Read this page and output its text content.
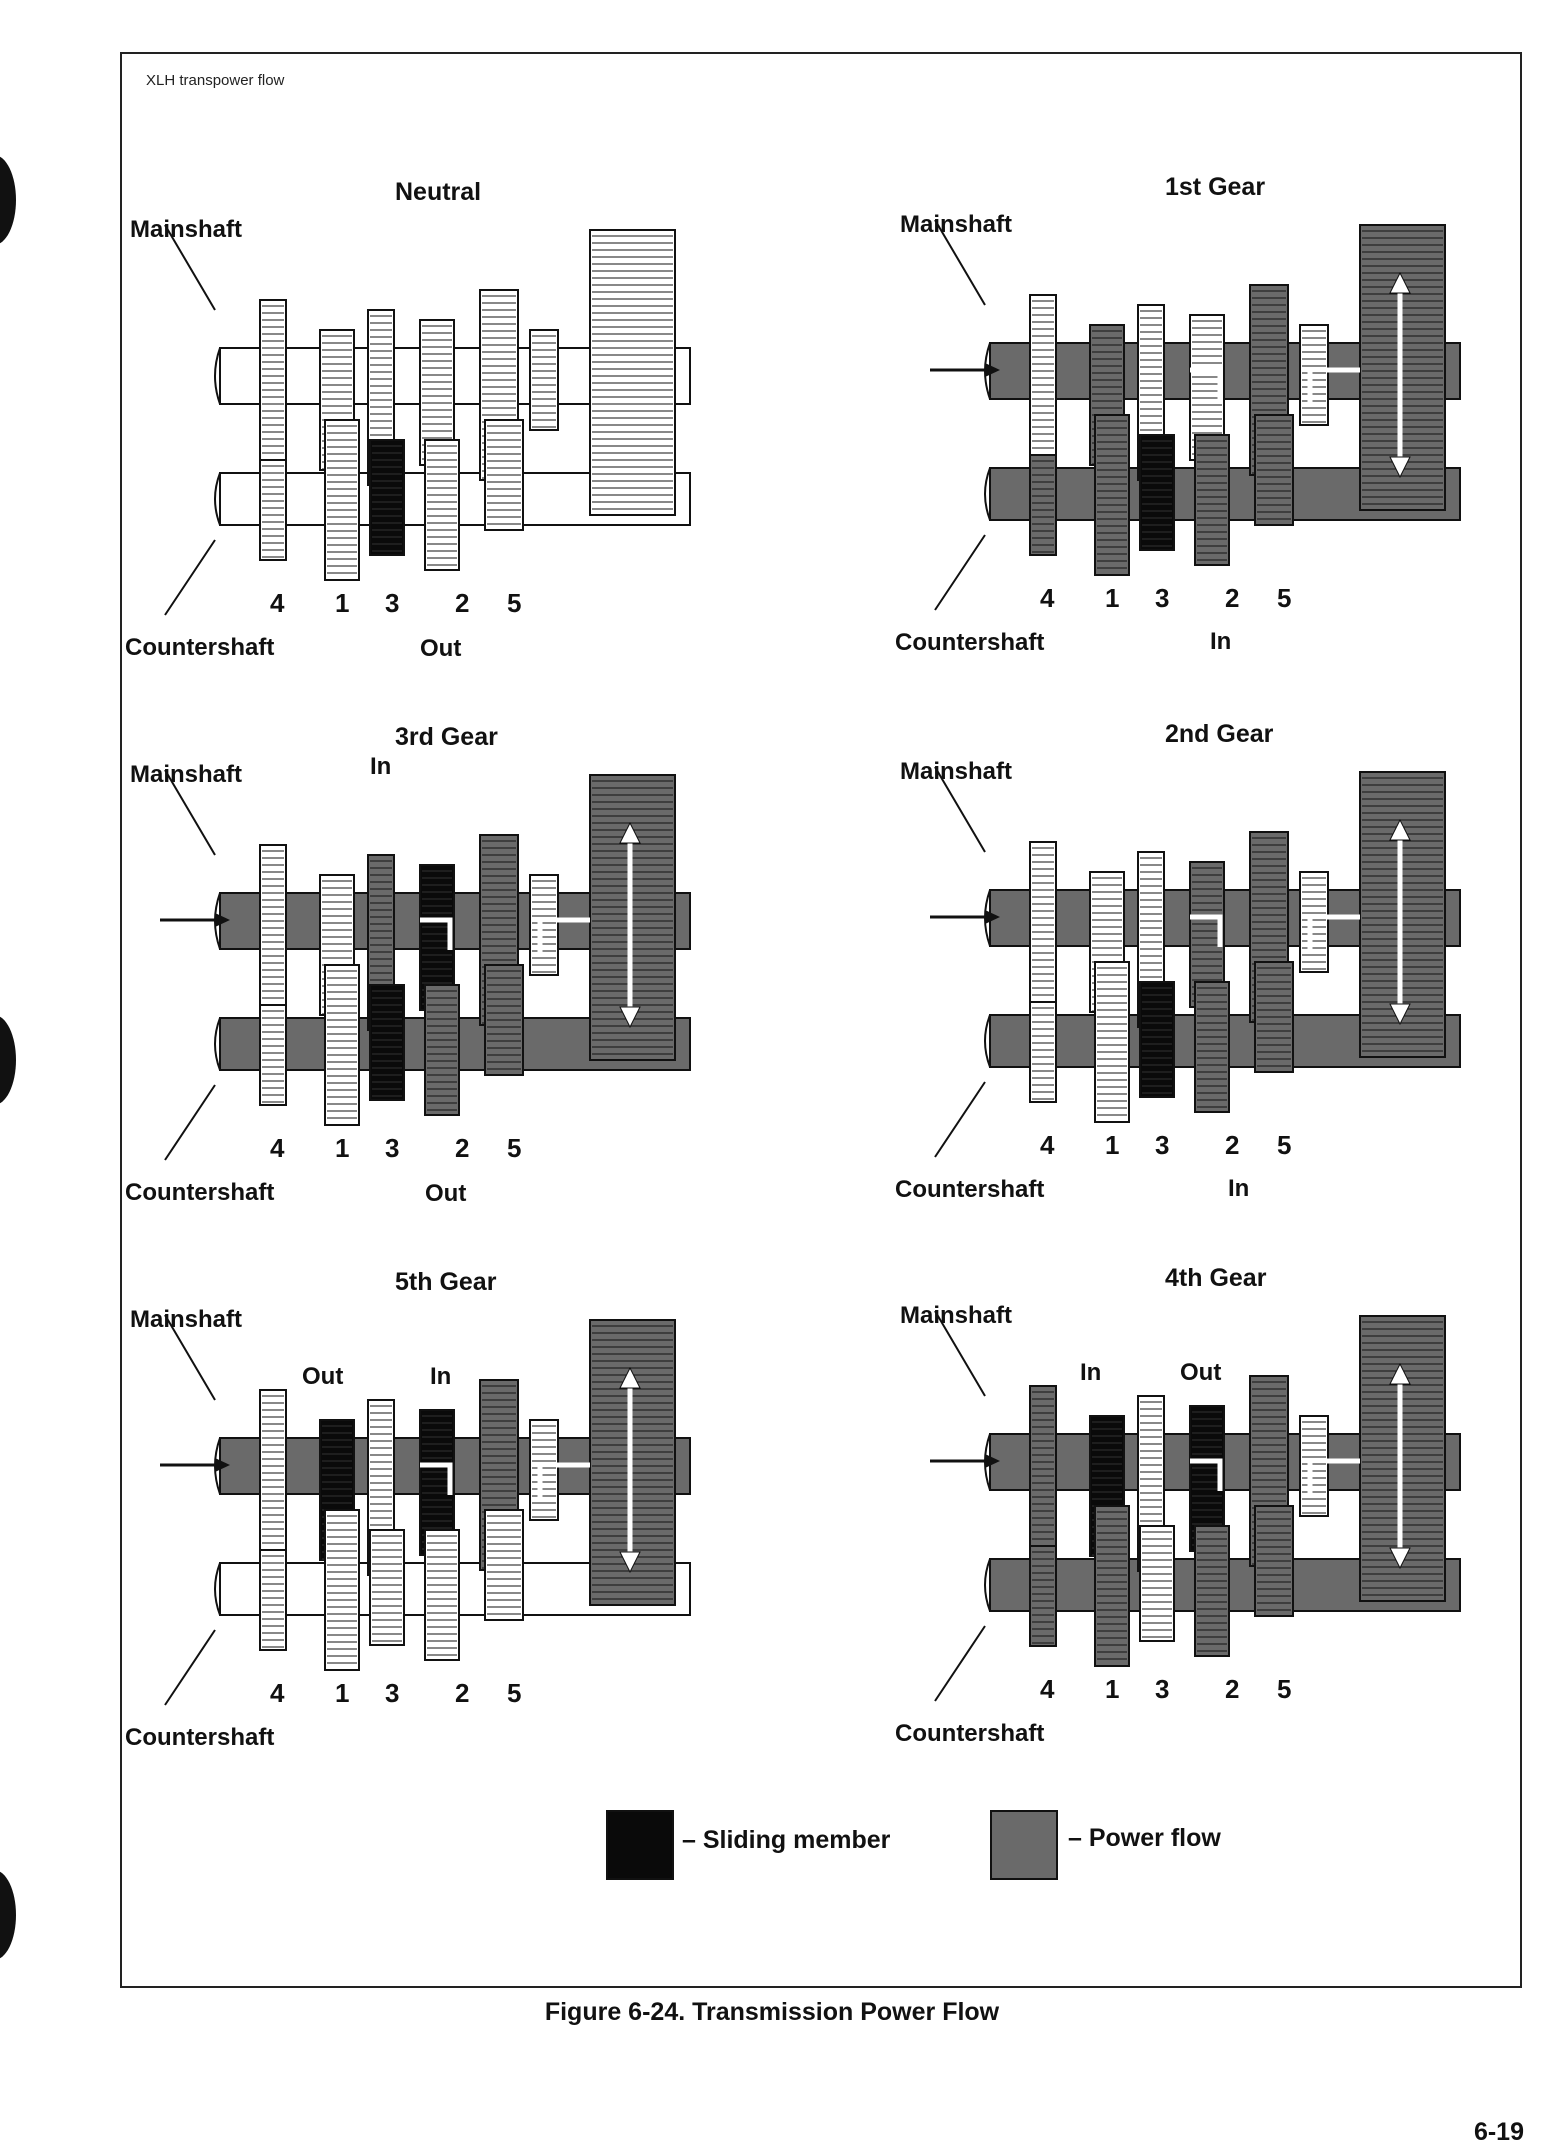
XLH transpower flow
Neutral
Mainshaft
Countershaft
4 1 3 2 5
Out
1st Gear
Mainshaft
Countershaft
4 1 3 2 5
In
3rd Gear
Mainshaft
Countershaft
4 1 3 2 5
In
Out
2nd Gear
Mainshaft
Countershaft
4 1 3 2 5
In
5th Gear
Mainshaft
Countershaft
4 1 3 2 5
Out	In
4th Gear
Mainshaft
Countershaft
4 1 3 2 5
In	Out
– Sliding member	– Power flow
Figure 6-24. Transmission Power Flow
6-19
